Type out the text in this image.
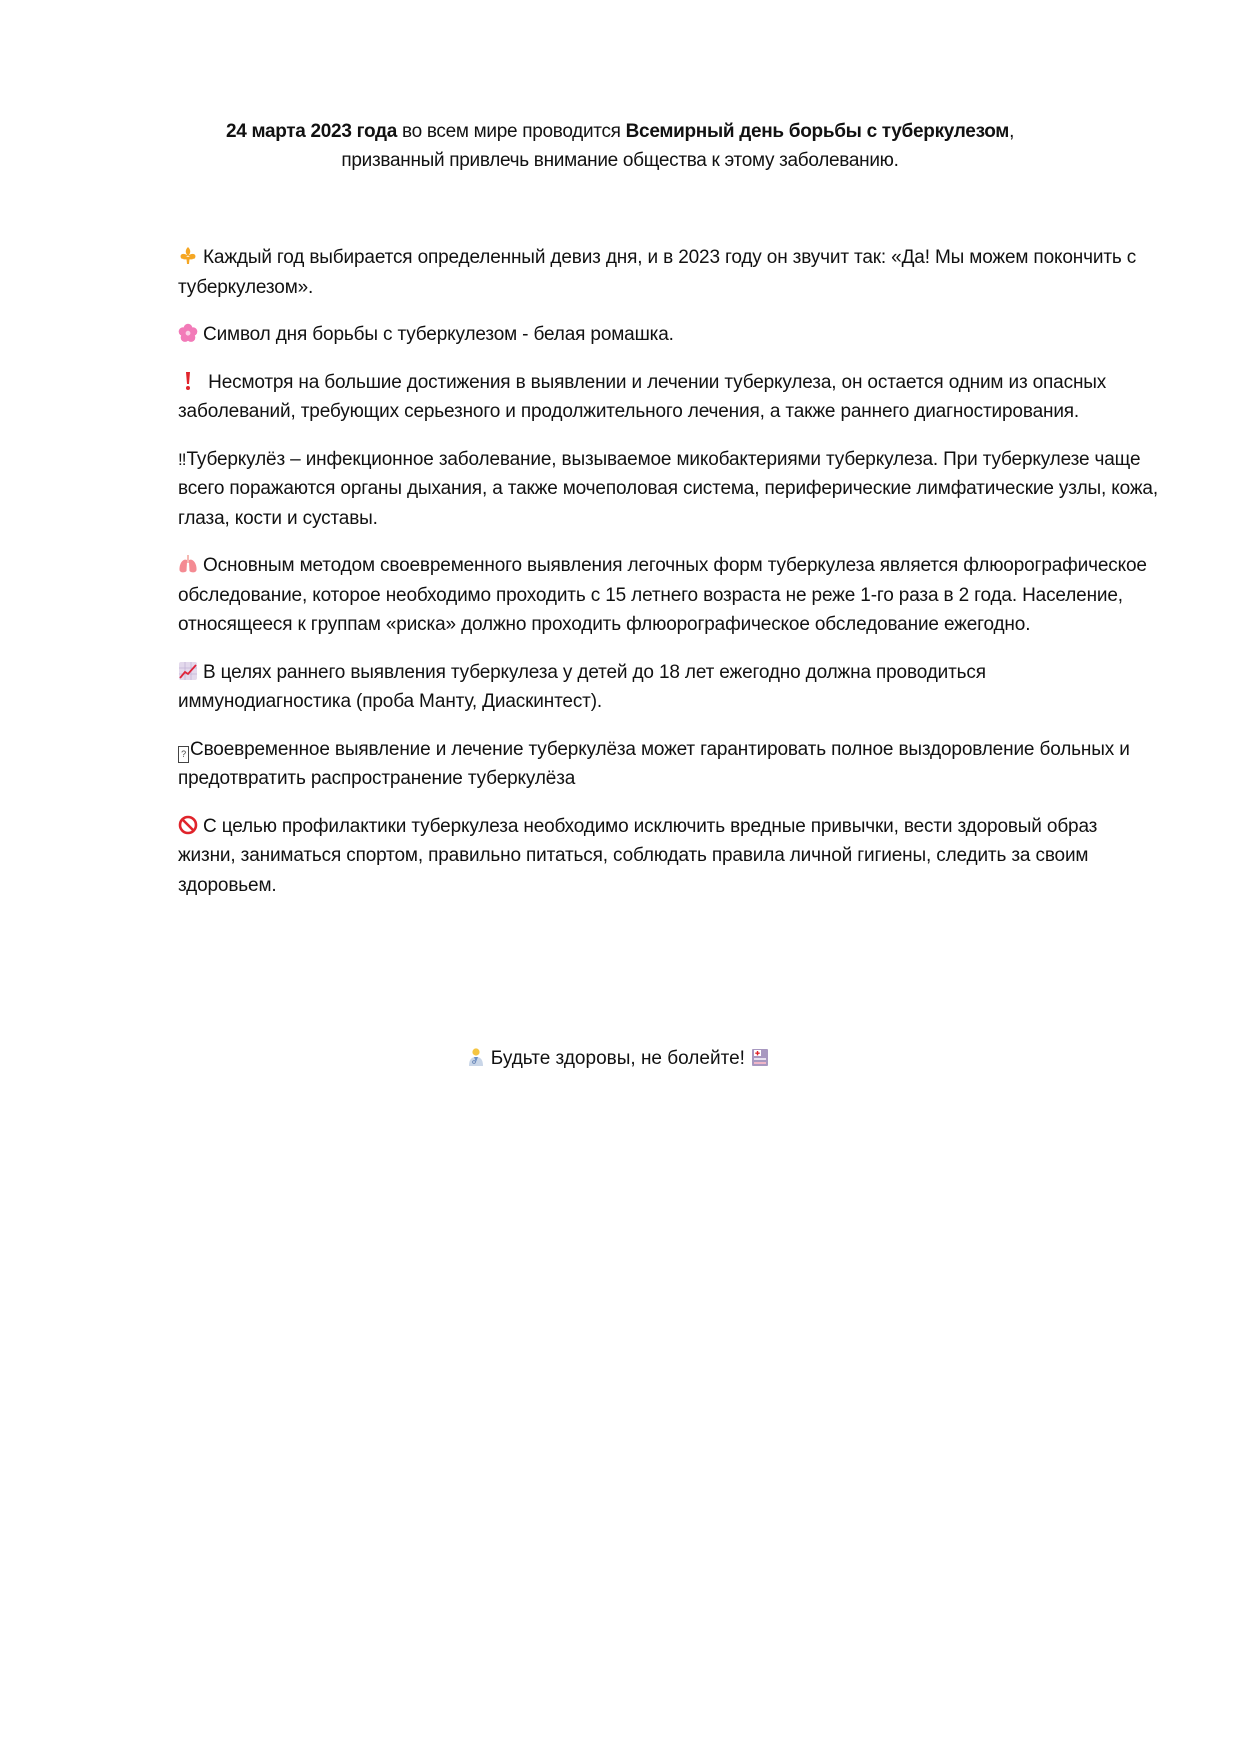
24 марта 2023 года во всем мире проводится Всемирный день борьбы с туберкулезом,
призванный привлечь внимание общества к этому заболеванию.

Каждый год выбирается определенный девиз дня, и в 2023 году он звучит так: «Да! Мы можем покончить с туберкулезом».

Символ дня борьбы с туберкулезом - белая ромашка.

Несмотря на большие достижения в выявлении и лечении туберкулеза, он остается одним из опасных заболеваний, требующих серьезного и продолжительного лечения, а также раннего диагностирования.

‼ Туберкулёз – инфекционное заболевание, вызываемое микобактериями туберкулеза. При туберкулезе чаще всего поражаются органы дыхания, а также мочеполовая система, периферические лимфатические узлы, кожа, глаза, кости и суставы.

Основным методом своевременного выявления легочных форм туберкулеза является флюорографическое обследование, которое необходимо проходить с 15 летнего возраста не реже 1-го раза в 2 года. Население, относящееся к группам «риска» должно проходить флюорографическое обследование ежегодно.

В целях раннего выявления туберкулеза у детей до 18 лет ежегодно должна проводиться иммунодиагностика (проба Манту, Диаскинтест).

? Своевременное выявление и лечение туберкулёза может гарантировать полное выздоровление больных и предотвратить распространение туберкулёза

С целью профилактики туберкулеза необходимо исключить вредные привычки, вести здоровый образ жизни, заниматься спортом, правильно питаться, соблюдать правила личной гигиены, следить за своим здоровьем.

Будьте здоровы, не болейте!
